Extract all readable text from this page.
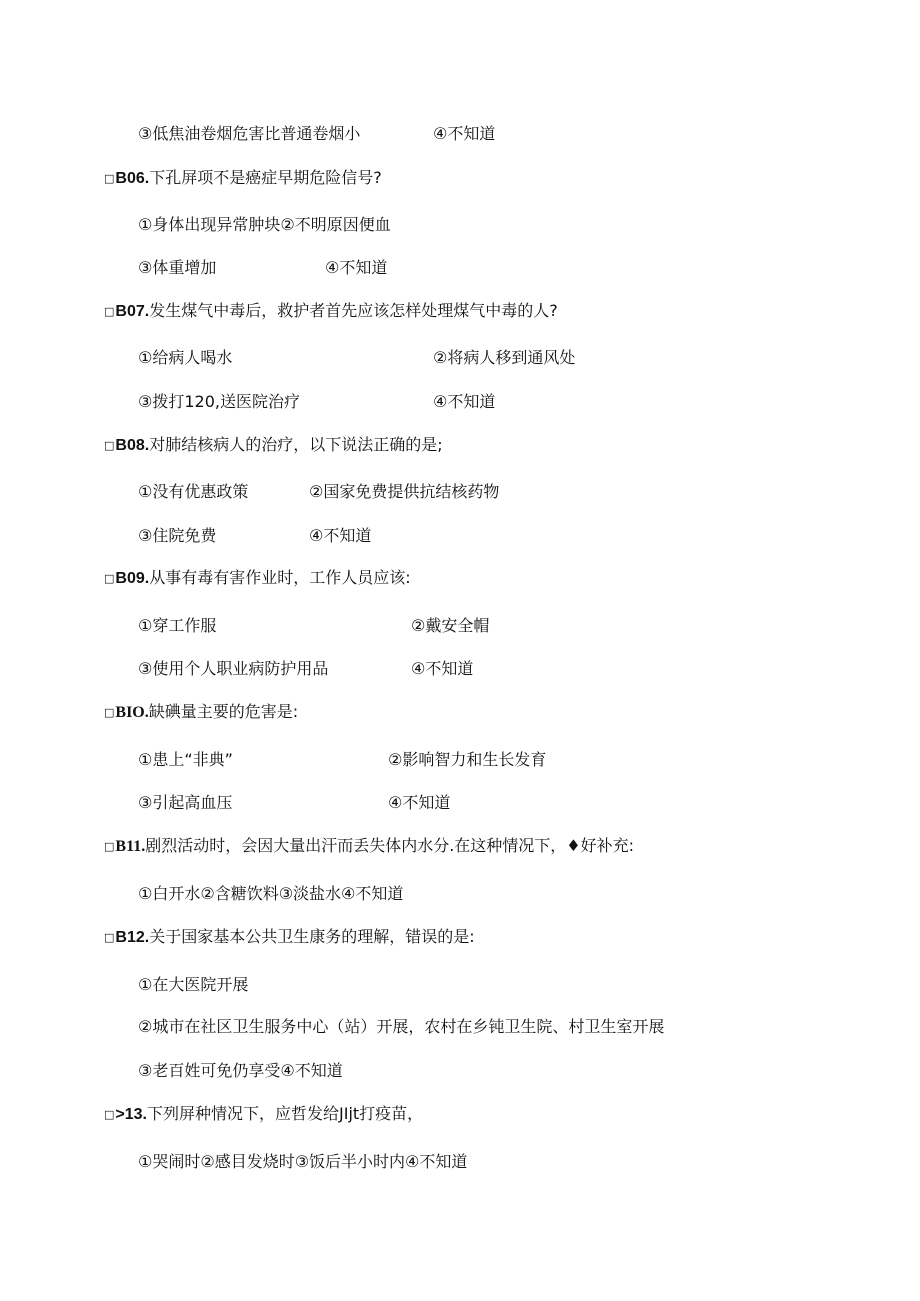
③低焦油卷烟危害比普通卷烟小	④不知道
□B06.下孔屏项不是癌症早期危险信号?
①身体出现异常肿块②不明原因便血
③体重增加	④不知道
□B07.发生煤气中毒后，救护者首先应该怎样处理煤气中毒的人?
①给病人喝水	②将病人移到通风处
③拨打120,送医院治疗	④不知道
□B08.对肺结核病人的治疗，以下说法正确的是;
①没有优惠政策	②国家免费提供抗结核药物
③住院免费	④不知道
□B09.从事有毒有害作业时，工作人员应该:
①穿工作服	②戴安全帽
③使用个人职业病防护用品	④不知道
□BIO.缺碘量主要的危害是:
①患上“非典”	②影响智力和生长发育
③引起高血压	④不知道
□B11.剧烈活动时，会因大量出汗而丢失体内水分.在这种情况下，♦好补充:
①白开水②含糖饮料③淡盐水④不知道
□B12.关于国家基本公共卫生康务的理解，错误的是:
①在大医院开展
②城市在社区卫生服务中心（站）开展，农村在乡钝卫生院、村卫生室开展
③老百姓可免仍享受④不知道
□>13.下列屏种情况下，应哲发给JIjt打疫苗，
①哭闹时②感目发烧时③饭后半小时内④不知道
